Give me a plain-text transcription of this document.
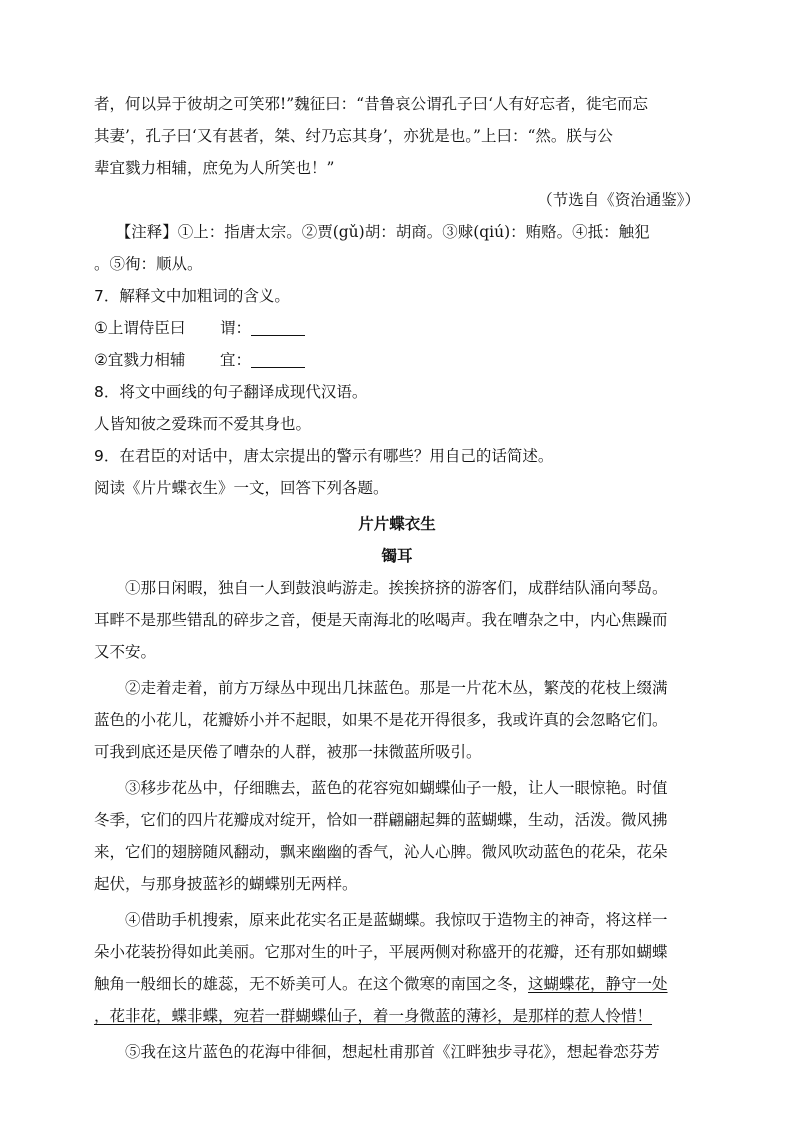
者，何以异于彼胡之可笑邪!”魏征曰：“昔鲁哀公谓孔子曰‘人有好忘者，徙宅而忘
其妻’，孔子曰‘又有甚者，桀、纣乃忘其身’，亦犹是也。”上曰：“然。朕与公
辈宜戮力相辅，庶免为人所笑也！”
（节选自《资治通鉴》）
【注释】①上：指唐太宗。②贾(gǔ)胡：胡商。③赇(qiú)：贿赂。④抵：触犯
。⑤徇：顺从。
7．解释文中加粗词的含义。
①上谓侍臣曰 谓：
②宜戮力相辅 宜：
8．将文中画线的句子翻译成现代汉语。
人皆知彼之爱珠而不爱其身也。
9．在君臣的对话中，唐太宗提出的警示有哪些？用自己的话简述。
阅读《片片蝶衣生》一文，回答下列各题。
片片蝶衣生
镯耳
①那日闲暇，独自一人到鼓浪屿游走。挨挨挤挤的游客们，成群结队涌向琴岛。
耳畔不是那些错乱的碎步之音，便是天南海北的吆喝声。我在嘈杂之中，内心焦躁而
又不安。
②走着走着，前方万绿丛中现出几抹蓝色。那是一片花木丛，繁茂的花枝上缀满
蓝色的小花儿，花瓣娇小并不起眼，如果不是花开得很多，我或许真的会忽略它们。
可我到底还是厌倦了嘈杂的人群，被那一抹微蓝所吸引。
③移步花丛中，仔细瞧去，蓝色的花容宛如蝴蝶仙子一般，让人一眼惊艳。时值
冬季，它们的四片花瓣成对绽开，恰如一群翩翩起舞的蓝蝴蝶，生动，活泼。微风拂
来，它们的翅膀随风翻动，飘来幽幽的香气，沁人心脾。微风吹动蓝色的花朵，花朵
起伏，与那身披蓝衫的蝴蝶别无两样。
④借助手机搜索，原来此花实名正是蓝蝴蝶。我惊叹于造物主的神奇，将这样一
朵小花装扮得如此美丽。它那对生的叶子，平展两侧对称盛开的花瓣，还有那如蝴蝶
触角一般细长的雄蕊，无不娇美可人。在这个微寒的南国之冬，这蝴蝶花，静守一处
，花非花，蝶非蝶，宛若一群蝴蝶仙子，着一身微蓝的薄衫，是那样的惹人怜惜！
⑤我在这片蓝色的花海中徘徊，想起杜甫那首《江畔独步寻花》，想起眷恋芬芳
